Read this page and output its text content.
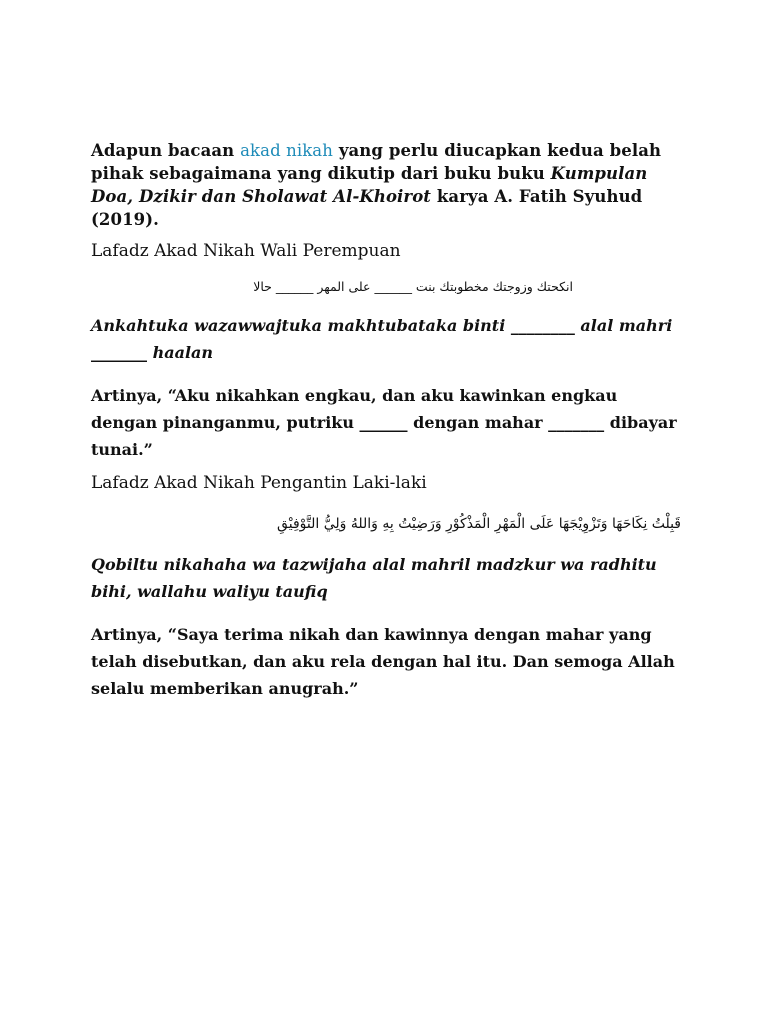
Adapun bacaan akad nikah yang perlu diucapkan kedua belah pihak sebagaimana yang dikutip dari buku buku Kumpulan Doa, Dzikir dan Sholawat Al-Khoirot karya A. Fatih Syuhud (2019).

Lafadz Akad Nikah Wali Perempuan
انكحتك وزوجتك مخطوبتك بنت ______ على المهر ______ حالا

Ankahtuka wazawwajtuka makhtubataka binti ________ alal mahri _______ haalan

Artinya, “Aku nikahkan engkau, dan aku kawinkan engkau dengan pinanganmu, putriku ______ dengan mahar _______ dibayar tunai.”

Lafadz Akad Nikah Pengantin Laki-laki
قَبِلْتُ نِكَاحَهَا وَتَزْوِيْجَهَا عَلَى الْمَهْرِ الْمَذْكُوْرِ وَرَضِيْتُ بِهِ وَاللهُ وَلِيُّ التَّوْفِيْقِ

Qobiltu nikahaha wa tazwijaha alal mahril madzkur wa radhitu bihi, wallahu waliyu taufiq

Artinya, “Saya terima nikah dan kawinnya dengan mahar yang telah disebutkan, dan aku rela dengan hal itu. Dan semoga Allah selalu memberikan anugrah.”
